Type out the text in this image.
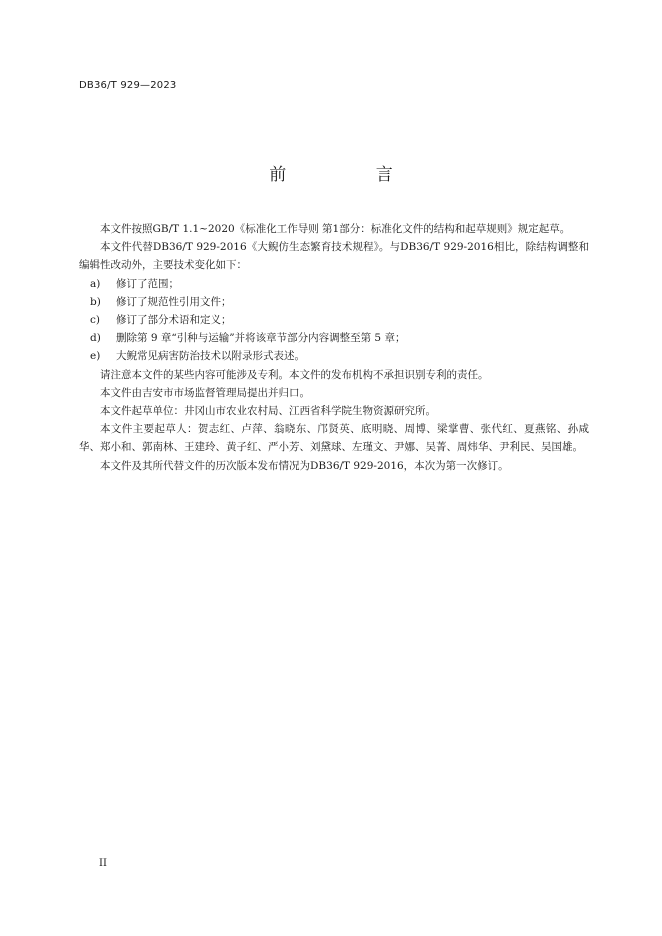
DB36/T 929—2023
前 言

本文件按照GB/T 1.1~2020《标准化工作导则 第1部分：标准化文件的结构和起草规则》规定起草。

本文件代替DB36/T 929-2016《大鲵仿生态繁育技术规程》。与DB36/T 929-2016相比，除结构调整和编辑性改动外，主要技术变化如下：

a)	修订了范围；
b)	修订了规范性引用文件；
c)	修订了部分术语和定义；
d)	删除第 9 章“引种与运输”并将该章节部分内容调整至第 5 章；
e)	大鲵常见病害防治技术以附录形式表述。

请注意本文件的某些内容可能涉及专利。本文件的发布机构不承担识别专利的责任。

本文件由吉安市市场监督管理局提出并归口。

本文件起草单位：井冈山市农业农村局、江西省科学院生物资源研究所。

本文件主要起草人：贺志红、卢萍、翁晓东、邝贤英、底明晓、周博、梁掌曹、张代红、夏燕铭、孙咸华、郑小和、郭南林、王建玲、黄子红、严小芳、刘黛球、左瑾文、尹娜、吴菁、周炜华、尹利民、吴国雄。

本文件及其所代替文件的历次版本发布情况为DB36/T 929-2016，本次为第一次修订。

II
